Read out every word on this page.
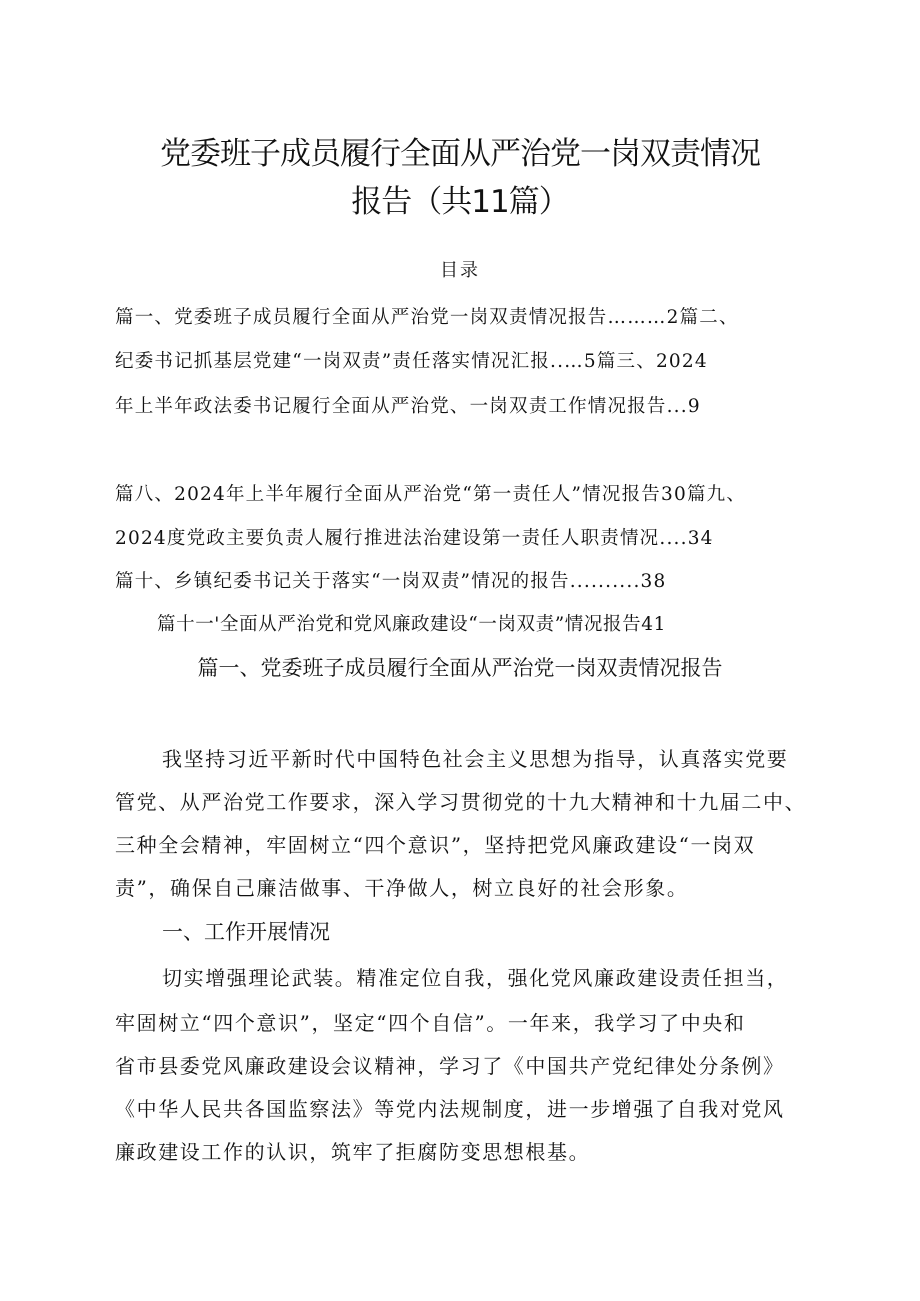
党委班子成员履行全面从严治党一岗双责情况
报告（共11篇）
目录
篇一、党委班子成员履行全面从严治党一岗双责情况报告………2篇二、
纪委书记抓基层党建“一岗双责”责任落实情况汇报..…5篇三、2024
年上半年政法委书记履行全面从严治党、一岗双责工作情况报告...9
篇八、2024年上半年履行全面从严治党“第一责任人”情况报告30篇九、
2024度党政主要负责人履行推进法治建设第一责任人职责情况....34
篇十、乡镇纪委书记关于落实“一岗双责”情况的报告..........38
篇十一'全面从严治党和党风廉政建设“一岗双责”情况报告41
篇一、党委班子成员履行全面从严治党一岗双责情况报告
我坚持习近平新时代中国特色社会主义思想为指导，认真落实党要
管党、从严治党工作要求，深入学习贯彻党的十九大精神和十九届二中、
三种全会精神，牢固树立“四个意识”，坚持把党风廉政建设“一岗双
责”，确保自己廉洁做事、干净做人，树立良好的社会形象。
一、工作开展情况
切实增强理论武装。精准定位自我，强化党风廉政建设责任担当，
牢固树立“四个意识”，坚定“四个自信”。一年来，我学习了中央和
省市县委党风廉政建设会议精神，学习了《中国共产党纪律处分条例》
《中华人民共各国监察法》等党内法规制度，进一步增强了自我对党风
廉政建设工作的认识，筑牢了拒腐防变思想根基。
